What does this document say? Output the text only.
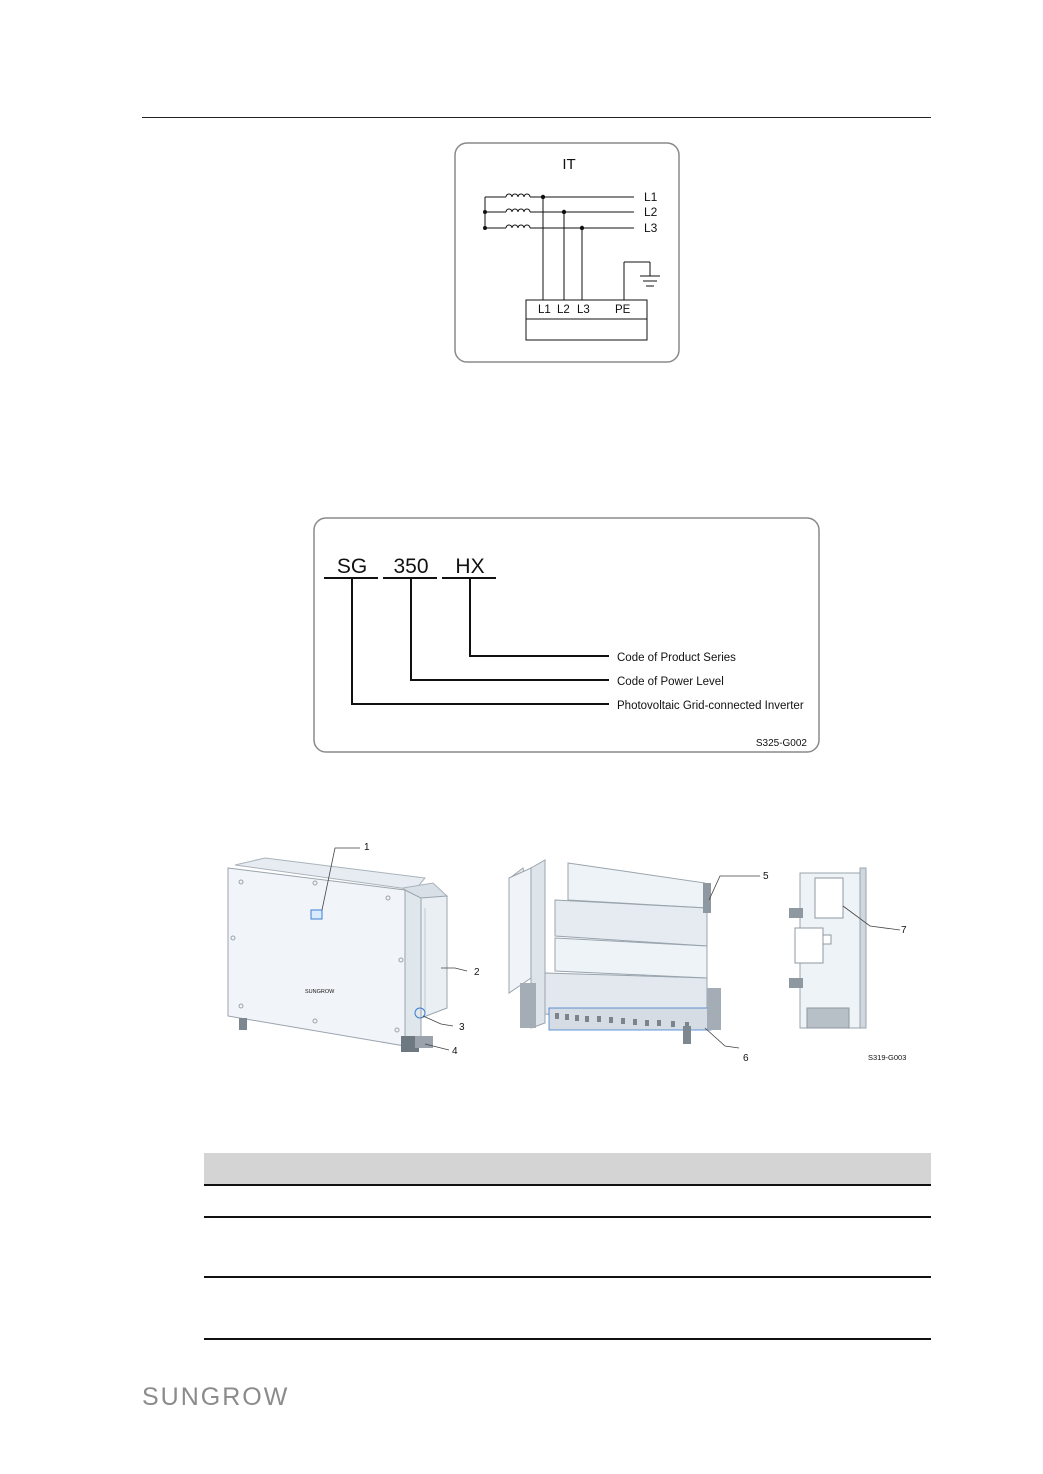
IT
L1
L2
L3
L1 L2 L3 PE
SG 350 HX
Code of Product Series
Code of Power Level
Photovoltaic Grid-connected Inverter
S325-G002
SUNGROW
1
2
3
4
5
6
7
S319-G003
SUNGROW
